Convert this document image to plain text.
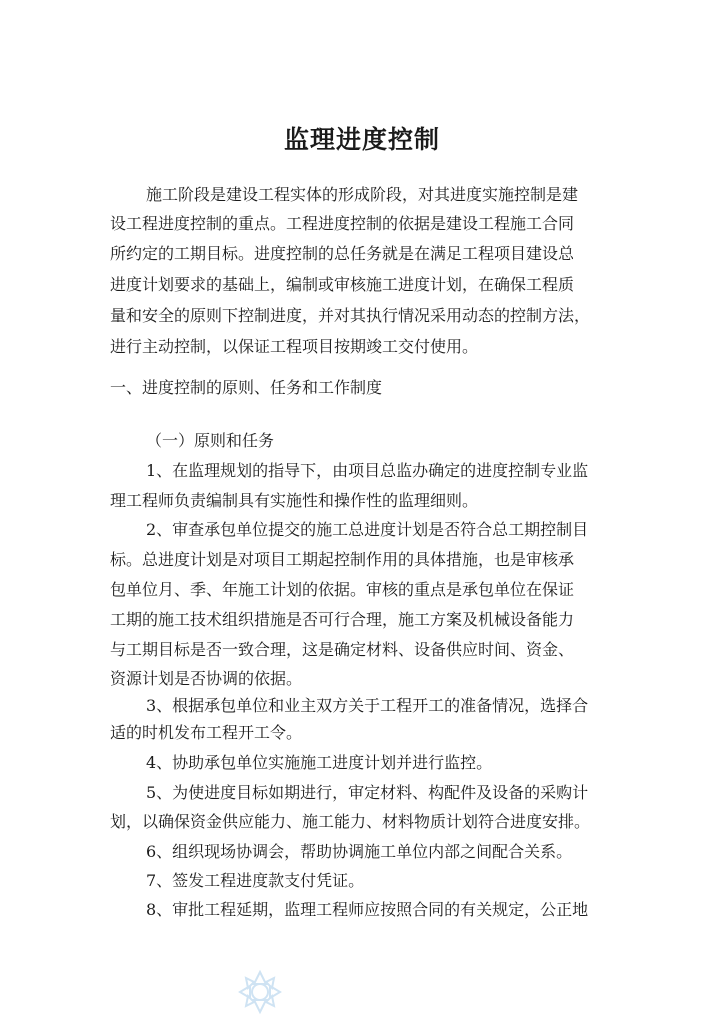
监理进度控制

施工阶段是建设工程实体的形成阶段，对其进度实施控制是建

设工程进度控制的重点。工程进度控制的依据是建设工程施工合同

所约定的工期目标。进度控制的总任务就是在满足工程项目建设总

进度计划要求的基础上，编制或审核施工进度计划，在确保工程质

量和安全的原则下控制进度，并对其执行情况采用动态的控制方法，

进行主动控制，以保证工程项目按期竣工交付使用。

一、进度控制的原则、任务和工作制度

（一）原则和任务

1、在监理规划的指导下，由项目总监办确定的进度控制专业监

理工程师负责编制具有实施性和操作性的监理细则。

2、审查承包单位提交的施工总进度计划是否符合总工期控制目

标。总进度计划是对项目工期起控制作用的具体措施，也是审核承

包单位月、季、年施工计划的依据。审核的重点是承包单位在保证

工期的施工技术组织措施是否可行合理，施工方案及机械设备能力

与工期目标是否一致合理，这是确定材料、设备供应时间、资金、

资源计划是否协调的依据。

3、根据承包单位和业主双方关于工程开工的准备情况，选择合

适的时机发布工程开工令。

4、协助承包单位实施施工进度计划并进行监控。

5、为使进度目标如期进行，审定材料、构配件及设备的采购计

划，以确保资金供应能力、施工能力、材料物质计划符合进度安排。

6、组织现场协调会，帮助协调施工单位内部之间配合关系。

7、签发工程进度款支付凭证。

8、审批工程延期，监理工程师应按照合同的有关规定，公正地
